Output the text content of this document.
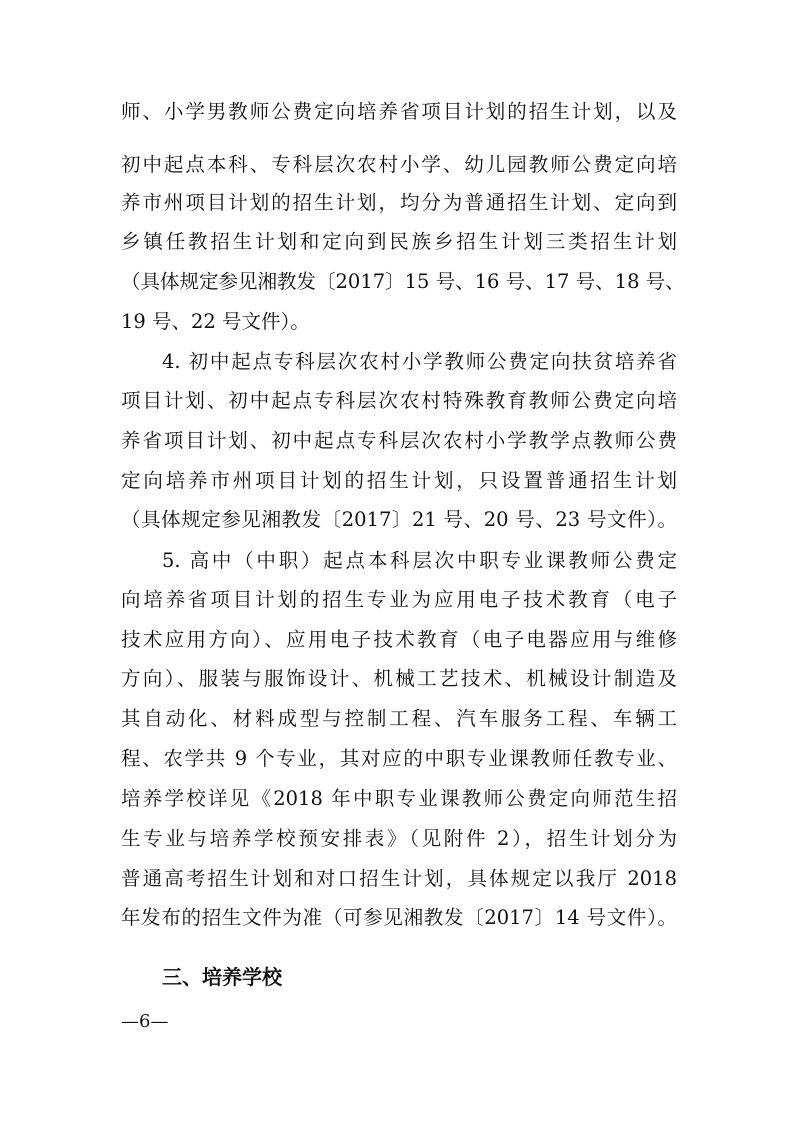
师、小学男教师公费定向培养省项目计划的招生计划，以及
初中起点本科、专科层次农村小学、幼儿园教师公费定向培
养市州项目计划的招生计划，均分为普通招生计划、定向到
乡镇任教招生计划和定向到民族乡招生计划三类招生计划
（具体规定参见湘教发〔2017〕15 号、16 号、17 号、18 号、
19 号、22 号文件）。
4. 初中起点专科层次农村小学教师公费定向扶贫培养省
项目计划、初中起点专科层次农村特殊教育教师公费定向培
养省项目计划、初中起点专科层次农村小学教学点教师公费
定向培养市州项目计划的招生计划，只设置普通招生计划
（具体规定参见湘教发〔2017〕21 号、20 号、23 号文件）。
5. 高中（中职）起点本科层次中职专业课教师公费定
向培养省项目计划的招生专业为应用电子技术教育（电子
技术应用方向）、应用电子技术教育（电子电器应用与维修
方向）、服装与服饰设计、机械工艺技术、机械设计制造及
其自动化、材料成型与控制工程、汽车服务工程、车辆工
程、农学共 9 个专业，其对应的中职专业课教师任教专业、
培养学校详见《2018 年中职专业课教师公费定向师范生招
生专业与培养学校预安排表》（见附件 2），招生计划分为
普通高考招生计划和对口招生计划，具体规定以我厅 2018
年发布的招生文件为准（可参见湘教发〔2017〕14 号文件）。
三、培养学校
—6—
